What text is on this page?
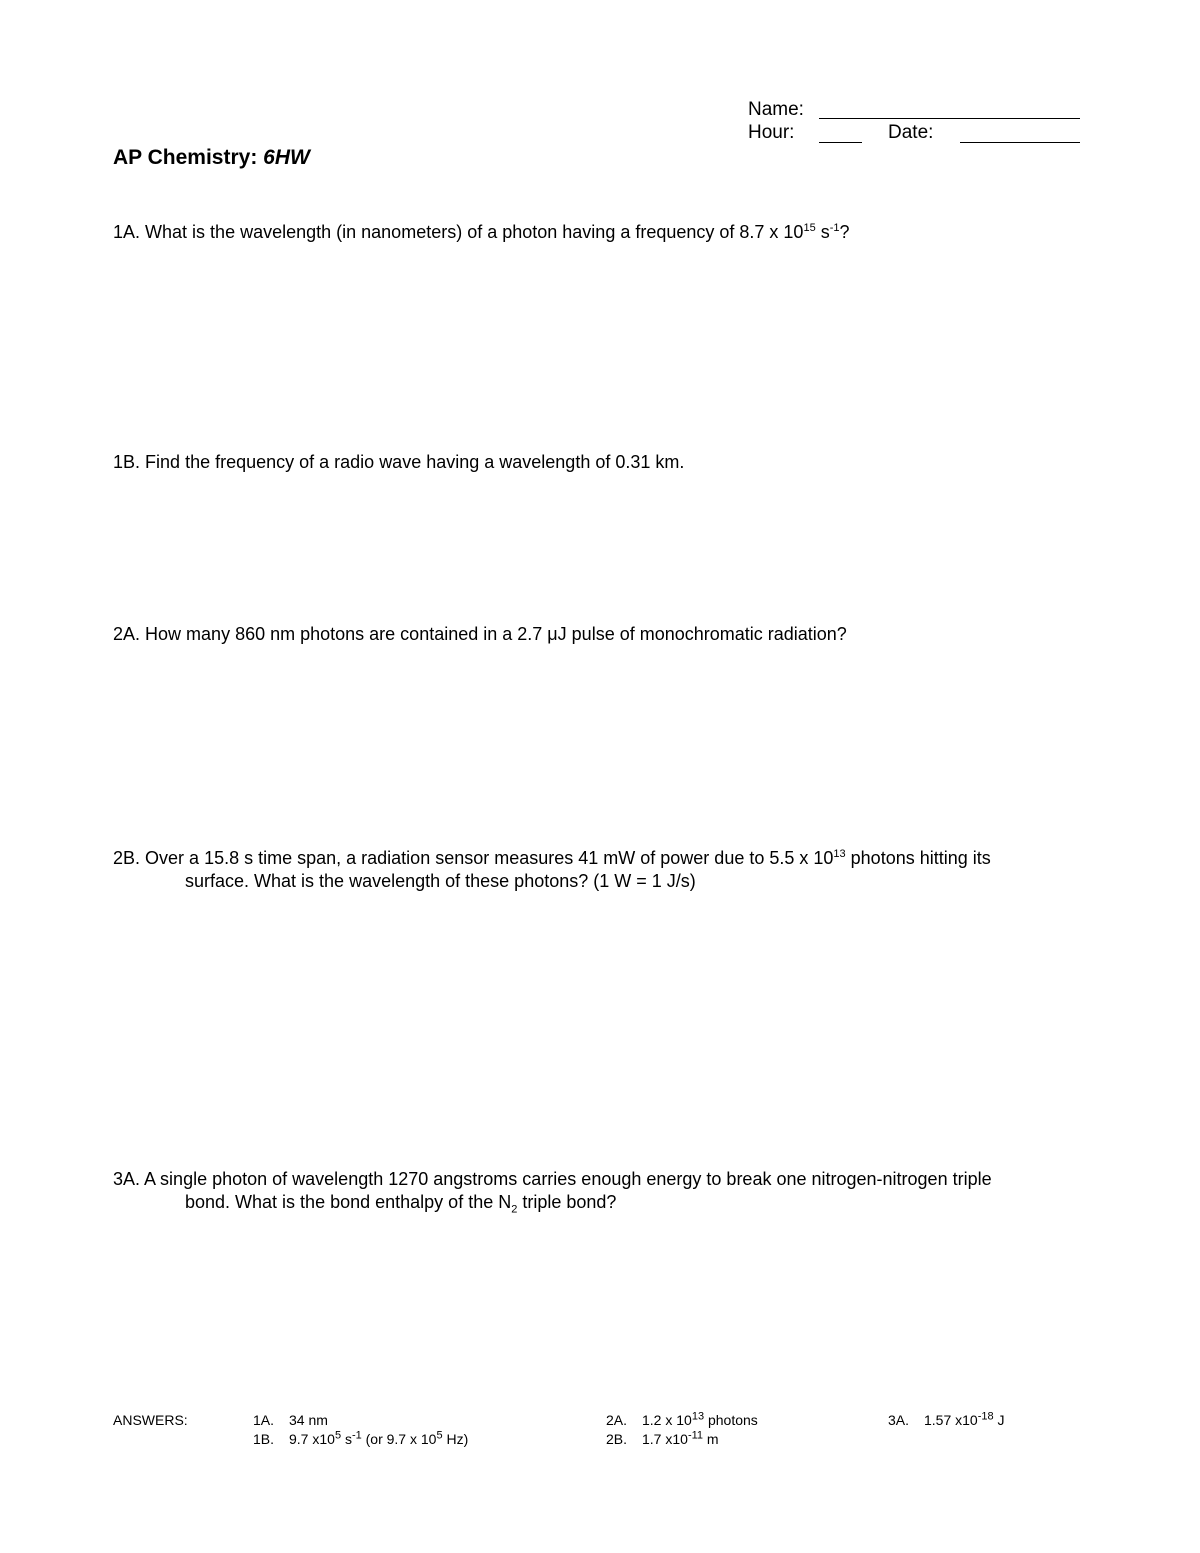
Name:
Hour:	Date:
AP Chemistry: 6HW
1A. What is the wavelength (in nanometers) of a photon having a frequency of 8.7 x $10^{15}$ $s^{-1}$?
1B. Find the frequency of a radio wave having a wavelength of 0.31 km.
2A. How many 860 nm photons are contained in a 2.7 μJ pulse of monochromatic radiation?
2B. Over a 15.8 s time span, a radiation sensor measures 41 mW of power due to 5.5 x $10^{13}$ photons hitting its
surface. What is the wavelength of these photons? (1 W = 1 J/s)
3A. A single photon of wavelength 1270 angstroms carries enough energy to break one nitrogen-nitrogen triple
bond. What is the bond enthalpy of the $N_2$ triple bond?
ANSWERS:	1A. 34 nm
1B. 9.7 $x10^5$ $s^{-1}$ (or 9.7 x $10^5$ Hz)
2A. 1.2 x $10^{13}$ photons
2B. 1.7 $x10^{-11}$ m
3A. 1.57 $x10^{-18}$ J
